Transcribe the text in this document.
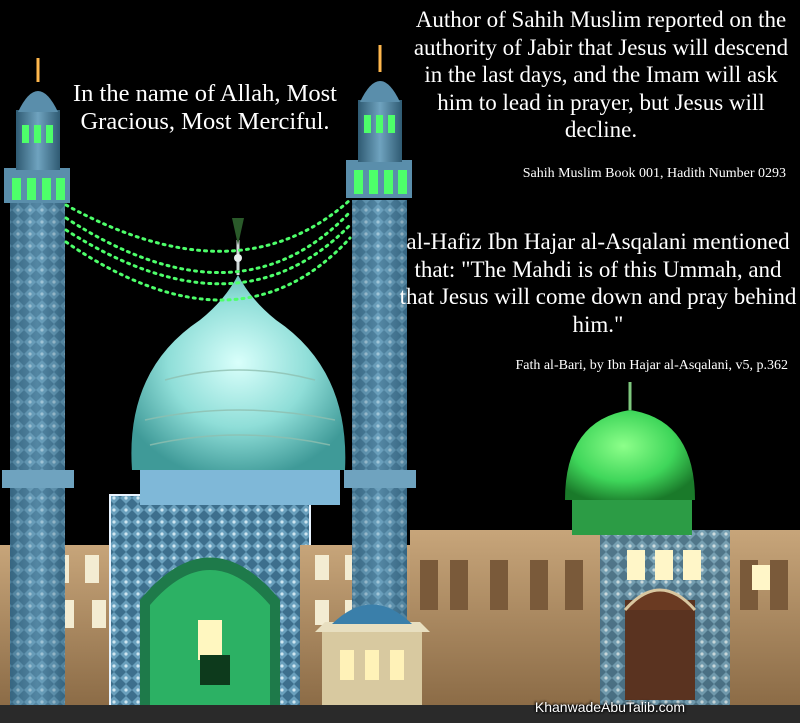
In the name of Allah, Most Gracious, Most Merciful.
Author of Sahih Muslim reported on the authority of Jabir that Jesus will descend in the last days, and the Imam will ask him to lead in prayer, but Jesus will decline.
Sahih Muslim Book 001, Hadith Number 0293
al-Hafiz Ibn Hajar al-Asqalani mentioned that: "The Mahdi is of this Ummah, and that Jesus will come down and pray behind him."
Fath al-Bari, by Ibn Hajar al-Asqalani, v5, p.362
KhanwadeAbuTalib.com
